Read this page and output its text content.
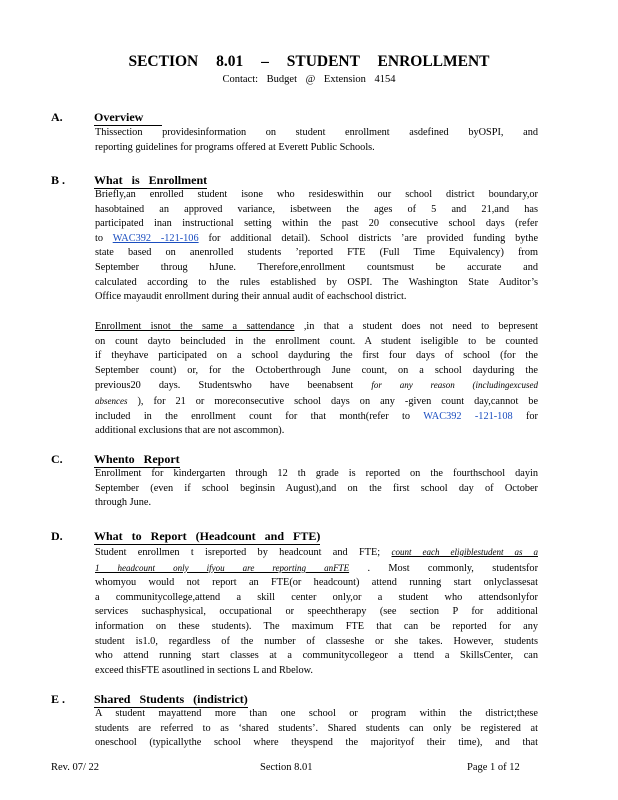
SECTION 8.01 – STUDENT ENROLLMENT
Contact: Budget @ Extension 4154
A.	Overview
Thissection providesinformation on student enrollment asdefined byOSPI, and
reporting guidelines for programs offered at Everett Public Schools.
B . What is Enrollment
Briefly,an enrolled student isone who resideswithin our school district boundary,or
hasobtained an approved variance, isbetween the ages of 5 and 21,and has
participated inan instructional setting within the past 20 consecutive school days (refer
to WAC392 -121-106 for additional detail). School districts ’are provided funding bythe
state based on anenrolled students ’reported FTE (Full Time Equivalency) from
September throug hJune. Therefore,enrollment countsmust be accurate and
calculated according to the rules established by OSPI. The Washington State Auditor’s
Office mayaudit enrollment during their annual audit of eachschool district.
Enrollment isnot the same a sattendance ,in that a student does not need to bepresent
on count dayto beincluded in the enrollment count. A student iseligible to be counted
if theyhave participated on a school dayduring the first four days of school (for the
September count) or, for the Octoberthrough June count, on a school dayduring the
previous20 days. Studentswho have beenabsent for any reason (includingexcused
absences ), for 21 or moreconsecutive school days on any -given count day,cannot be
included in the enrollment count for that month(refer to WAC392 -121-108 for
additional exclusions that are not ascommon).
C.	Whento Report
Enrollment for kindergarten through 12 th grade is reported on the fourthschool dayin
September (even if school beginsin August),and on the first school day of October
through June.
D.	What to Report (Headcount and FTE)
Student enrollmen t isreported by headcount and FTE; count each eligiblestudent as a
1 headcount only ifyou are reporting anFTE . Most commonly, studentsfor
whomyou would not report an FTE(or headcount) attend running start onlyclassesat
a communitycollege,attend a skill center only,or a student who attendsonlyfor
services suchasphysical, occupational or speechtherapy (see section P for additional
information on these students). The maximum FTE that can be reported for any
student is1.0, regardless of the number of classeshe or she takes. However, students
who attend running start classes at a communitycollegeor a ttend a SkillsCenter, can
exceed thisFTE asoutlined in sections L and Rbelow.
E . Shared Students (indistrict)
A student mayattend more than one school or program within the district;these
students are referred to as ‘shared students’. Shared students can only be registered at
oneschool (typicallythe school where theyspend the majorityof their time), and that
Rev. 07/ 22	Section 8.01	Page 1 of 12
